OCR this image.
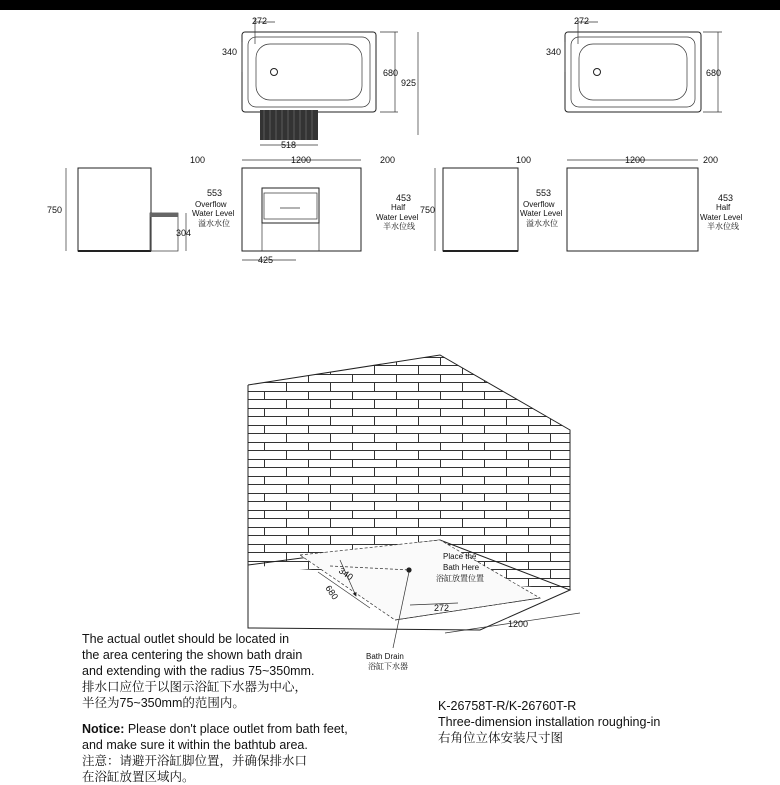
272
340
680
925
518
272
340
680
750
304
1200
100	200
553
Overflow
Water Level
溢水水位
453
Half
Water Level
半水位线
425
750
1200
100	200
553
Overflow
Water Level
溢水水位
453
Half
Water Level
半水位线
Place the
Bath Here
浴缸放置位置
340
680
272
1200
Bath Drain
浴缸下水器
The actual outlet should be located in
the area centering the shown bath drain
and extending with the radius 75~350mm.
排水口应位于以图示浴缸下水器为中心，
半径为75~350mm的范围内。
Notice: Please don't place outlet from bath feet,
and make sure it within the bathtub area.
注意：请避开浴缸脚位置，并确保排水口
在浴缸放置区域内。
K-26758T-R/K-26760T-R
Three-dimension installation roughing-in
右角位立体安装尺寸图
